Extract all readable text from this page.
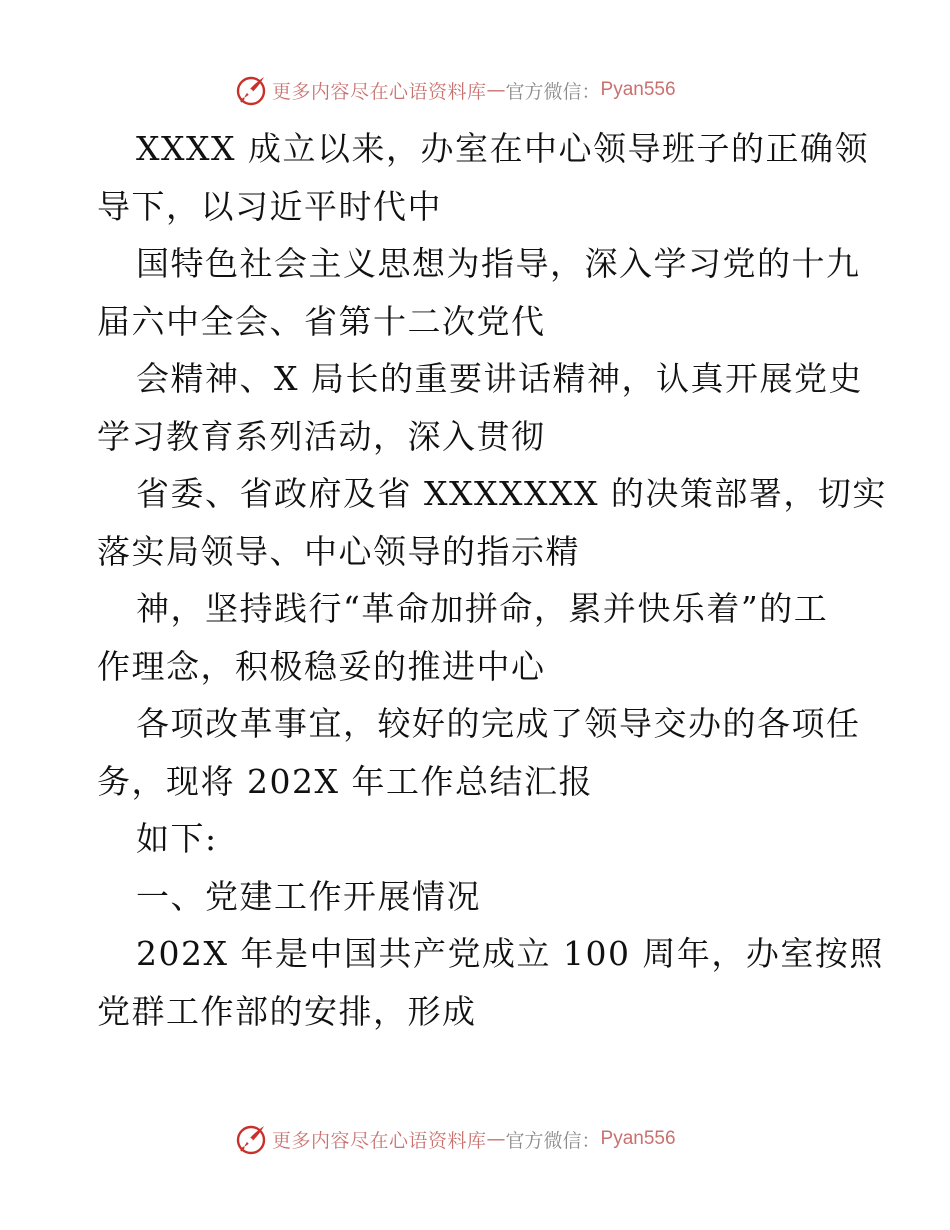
更多内容尽在心语资料库 — 官方微信： Pyan556

XXXX 成立以来，办室在中心领导班子的正确领

导下，以习近平时代中

国特色社会主义思想为指导，深入学习党的十九

届六中全会、省第十二次党代

会精神、X 局长的重要讲话精神，认真开展党史

学习教育系列活动，深入贯彻

省委、省政府及省 XXXXXXX 的决策部署，切实

落实局领导、中心领导的指示精

神，坚持践行“革命加拼命，累并快乐着”的工

作理念，积极稳妥的推进中心

各项改革事宜，较好的完成了领导交办的各项任

务，现将 202X 年工作总结汇报

如下:

一、党建工作开展情况

202X 年是中国共产党成立 100 周年，办室按照

党群工作部的安排，形成

更多内容尽在心语资料库 — 官方微信： Pyan556
